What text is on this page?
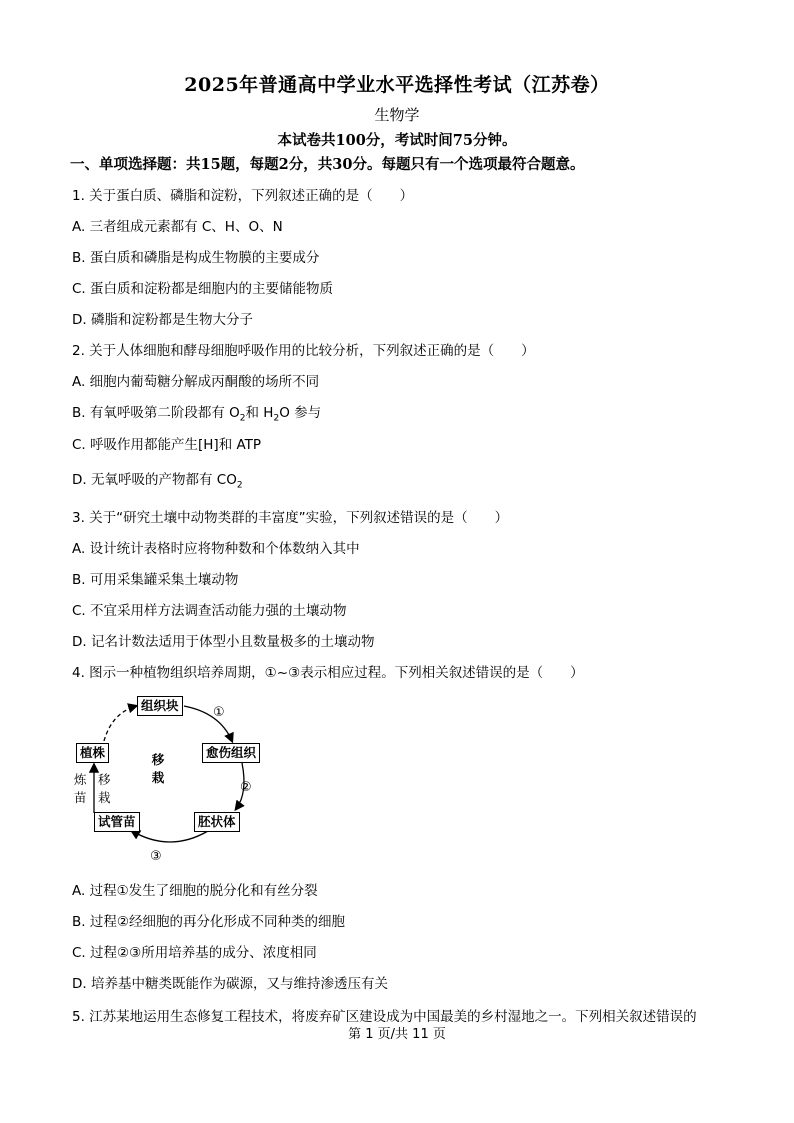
2025年普通高中学业水平选择性考试（江苏卷）
生物学
本试卷共100分，考试时间75分钟。
一、单项选择题：共15题，每题2分，共30分。每题只有一个选项最符合题意。
1. 关于蛋白质、磷脂和淀粉，下列叙述正确的是（　　）
A. 三者组成元素都有 C、H、O、N
B. 蛋白质和磷脂是构成生物膜的主要成分
C. 蛋白质和淀粉都是细胞内的主要储能物质
D. 磷脂和淀粉都是生物大分子
2. 关于人体细胞和酵母细胞呼吸作用的比较分析，下列叙述正确的是（　　）
A. 细胞内葡萄糖分解成丙酮酸的场所不同
B. 有氧呼吸第二阶段都有 $O_2$和 $H_2O$ 参与
C. 呼吸作用都能产生[H]和 ATP
D. 无氧呼吸的产物都有 $CO_2$
3. 关于“研究土壤中动物类群的丰富度”实验，下列叙述错误的是（　　）
A. 设计统计表格时应将物种数和个体数纳入其中
B. 可用采集罐采集土壤动物
C. 不宜采用样方法调查活动能力强的土壤动物
D. 记名计数法适用于体型小且数量极多的土壤动物
4. 图示一种植物组织培养周期，①~③表示相应过程。下列相关叙述错误的是（　　）
组织块
愈伤组织
胚状体
试管苗
植株	移栽
炼苗
移栽
①
②
③
A. 过程①发生了细胞的脱分化和有丝分裂
B. 过程②经细胞的再分化形成不同种类的细胞
C. 过程②③所用培养基的成分、浓度相同
D. 培养基中糖类既能作为碳源，又与维持渗透压有关
5. 江苏某地运用生态修复工程技术，将废弃矿区建设成为中国最美的乡村湿地之一。下列相关叙述错误的
第 1 页/共 11 页
